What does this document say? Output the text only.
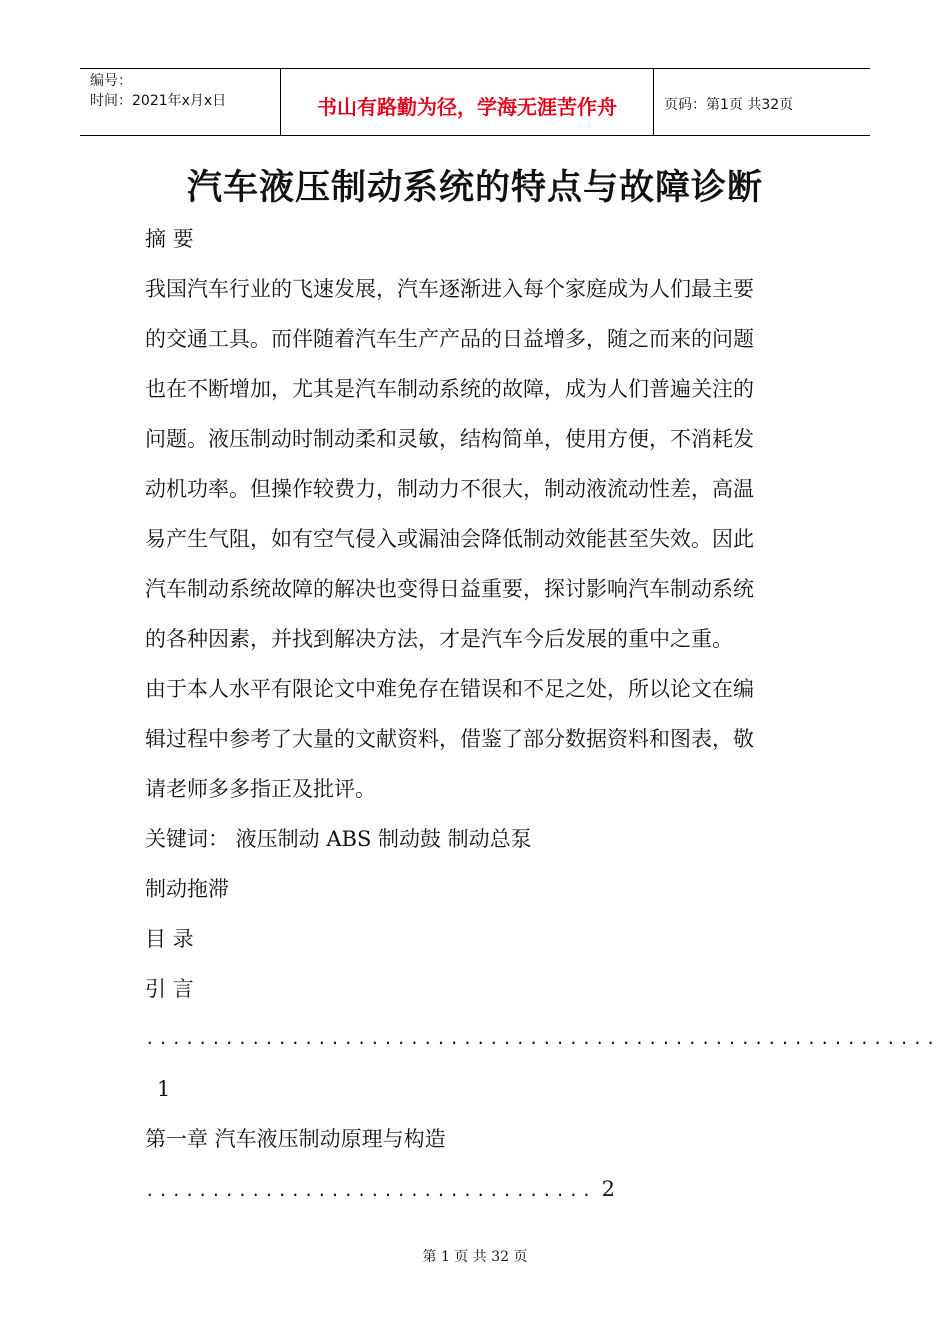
编号：
时间：2021年x月x日	书山有路勤为径，学海无涯苦作舟	页码：第1页 共32页
汽车液压制动系统的特点与故障诊断
摘 要
我国汽车行业的飞速发展，汽车逐渐进入每个家庭成为人们最主要
的交通工具。而伴随着汽车生产产品的日益增多，随之而来的问题
也在不断增加，尤其是汽车制动系统的故障，成为人们普遍关注的
问题。液压制动时制动柔和灵敏，结构简单，使用方便，不消耗发
动机功率。但操作较费力，制动力不很大，制动液流动性差，高温
易产生气阻，如有空气侵入或漏油会降低制动效能甚至失效。因此
汽车制动系统故障的解决也变得日益重要，探讨影响汽车制动系统
的各种因素，并找到解决方法，才是汽车今后发展的重中之重。
由于本人水平有限论文中难免存在错误和不足之处，所以论文在编
辑过程中参考了大量的文献资料，借鉴了部分数据资料和图表，敬
请老师多多指正及批评。
关键词： 液压制动 ABS 制动鼓 制动总泵
制动拖滞
目 录
引 言
............................................................
1
第一章 汽车液压制动原理与构造
.................................. 2
第 1 页 共 32 页
